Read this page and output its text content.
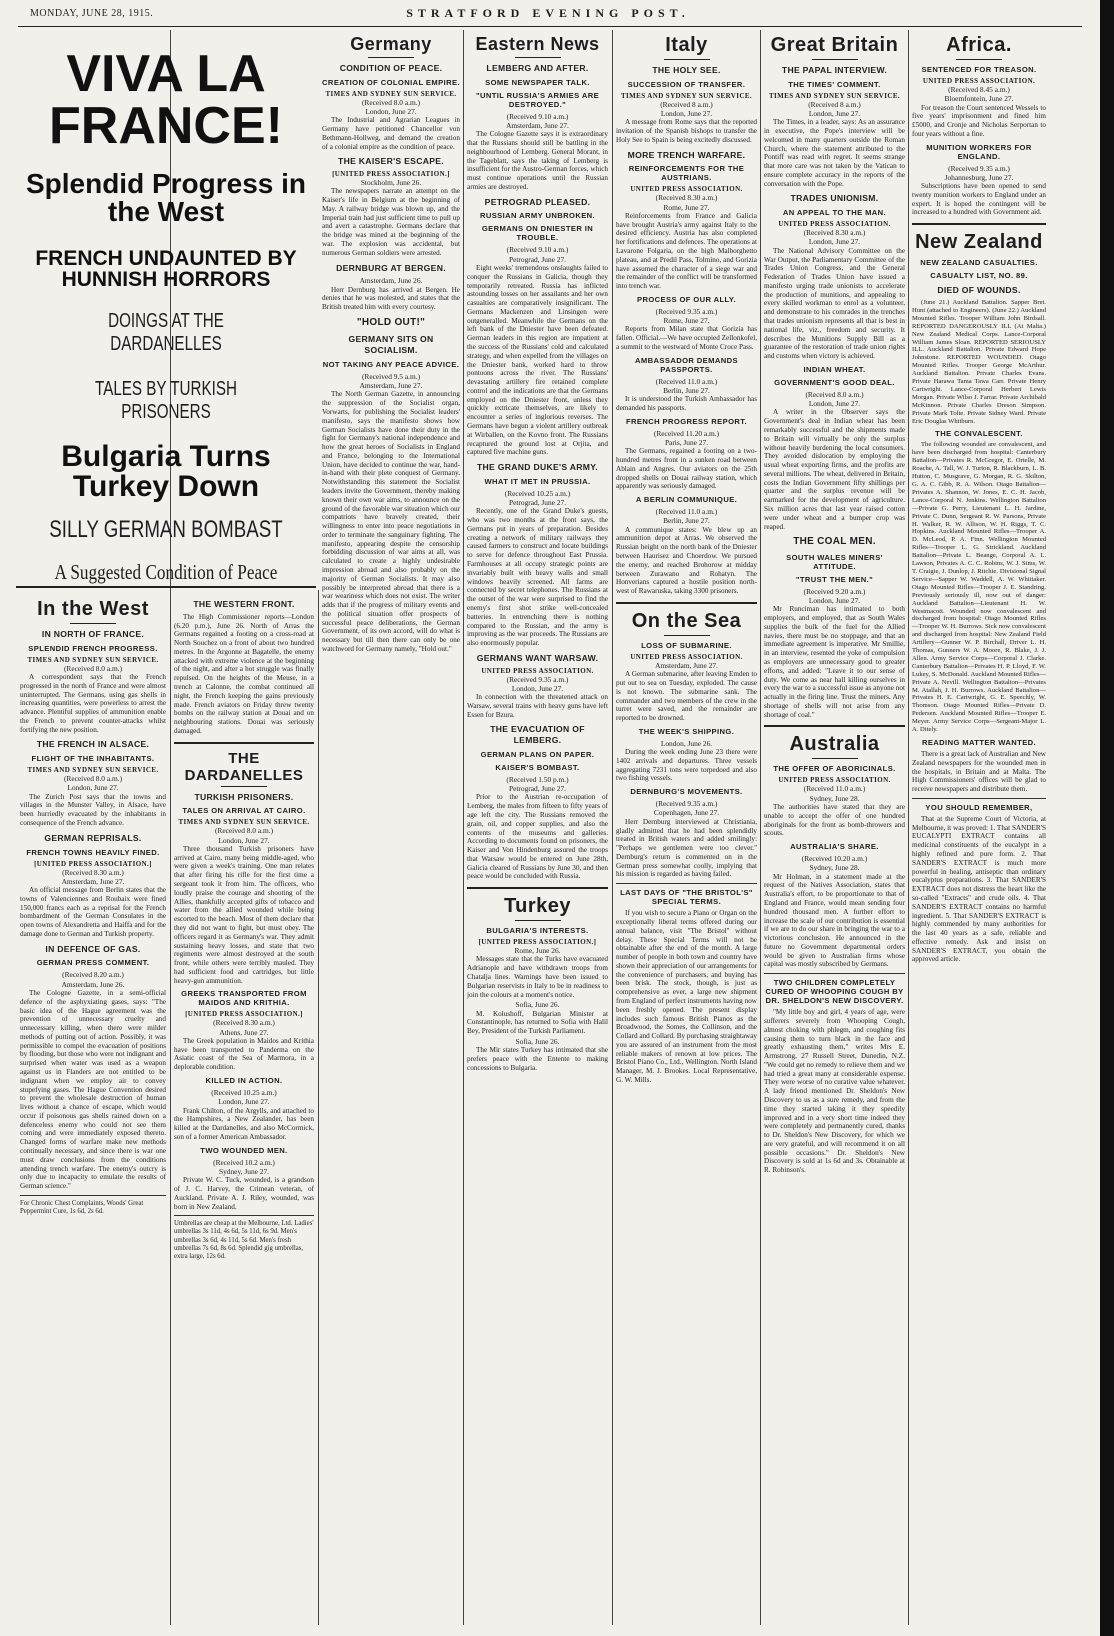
MONDAY, JUNE 28, 1915.	STRATFORD EVENING POST.
VIVA LA FRANCE!
Splendid Progress in the West
FRENCH UNDAUNTED BY HUNNISH HORRORS
DOINGS AT THE DARDANELLES
TALES BY TURKISH PRISONERS
Bulgaria Turns Turkey Down
SILLY GERMAN BOMBAST
A Suggested Condition of Peace
In the West
IN NORTH OF FRANCE.
SPLENDID FRENCH PROGRESS.
TIMES AND SYDNEY SUN SERVICE.
(Received 8.0 a.m.)

A correspondent says that the French progressed in the north of France and were almost uninterrupted. The Germans, using gas shells in increasing quantities, were powerless to arrest the advance. Plentiful supplies of ammunition enable the French to prevent counter-attacks whilst fortifying the new position.

THE FRENCH IN ALSACE.
FLIGHT OF THE INHABITANTS.
TIMES AND SYDNEY SUN SERVICE.
(Received 8.0 a.m.)
London, June 27.

The Zurich Post says that the towns and villages in the Munster Valley, in Alsace, have been hurriedly evacuated by the inhabitants in consequence of the French advance.

GERMAN REPRISALS.
FRENCH TOWNS HEAVILY FINED.
[UNITED PRESS ASSOCIATION.]
(Received 8.30 a.m.)
Amsterdam, June 27.

An official message from Berlin states that the towns of Valenciennes and Roubaix were fined 150,000 francs each as a reprisal for the French bombardment of the German Consulates in the open towns of Alexandretta and Haiffa and for the damage done to German and Turkish property.

IN DEFENCE OF GAS.
GERMAN PRESS COMMENT.
(Received 8.20 a.m.)
Amsterdam, June 26.

The Cologne Gazette, in a semi-official defence of the asphyxiating gases, says: "The basic idea of the Hague agreement was the prevention of unnecessary cruelty and unnecessary killing, when there were milder methods of putting out of action. Possibly, it was permissible to compel the evacuation of positions by flooding, but those who were not indignant and surprised when water was used as a weapon against us in Flanders are not entitled to be indignant when we employ air to convey stupefying gases. The Hague Convention desired to prevent the wholesale destruction of human lives without a chance of escape, which would occur if poisonous gas shells rained down on a defenceless enemy who could not see them coming and were immediately exposed thereto. Changed forms of warfare make new methods continually necessary, and since there is war one must draw conclusions from the conditions attending trench warfare. The enemy's outcry is only due to incapacity to emulate the results of German science."

For Chronic Chest Complaints, Woods' Great Peppermint Cure, 1s 6d, 2s 6d.
Germany
CONDITION OF PEACE.
CREATION OF COLONIAL EMPIRE.
TIMES AND SYDNEY SUN SERVICE.
(Received 8.0 a.m.)
London, June 27.

The Industrial and Agrarian Leagues in Germany have petitioned Chancellor von Bethmann-Hollweg, and demand the creation of a colonial empire as the condition of peace.

THE KAISER'S ESCAPE.
[UNITED PRESS ASSOCIATION.]
Stockholm, June 26.

The newspapers narrate an attempt on the Kaiser's life in Belgium at the beginning of May. A railway bridge was blown up, and the Imperial train had just sufficient time to pull up and avert a catastrophe. Germans declare that the bridge was mined at the beginning of the war. The explosion was accidental, but numerous German soldiers were arrested.

DERNBURG AT BERGEN.
Amsterdam, June 26.

Herr Dernburg has arrived at Bergen. He denies that he was molested, and states that the British treated him with every courtesy.

"HOLD OUT!"
GERMANY SITS ON SOCIALISM.
NOT TAKING ANY PEACE ADVICE.
(Received 9.5 a.m.)
Amsterdam, June 27.

The North German Gazette, in announcing the suppression of the Socialist organ, Vorwarts, for publishing the Socialist leaders' manifesto, says the manifesto shows how German Socialists have done their duty in the fight for Germany's national independence and how the great heroes of Socialists in England and France, belonging to the International Union, have decided to continue the war, hand-in-hand with their plete conquest of Germany. Notwithstanding this statement the Socialist leaders invite the Government, thereby making known their own war aims, to announce on the ground of the favorable war situation which our compatriots have bravely created, their willingness to enter into peace negotiations in order to terminate the sanguinary fighting. The manifesto, appearing despite the censorship forbidding discussion of war aims at all, was calculated to create a highly undesirable impression abroad and also probably on the majority of German Socialists. It may also possibly be interpreted abroad that there is a war weariness which does not exist. The writer adds that if the progress of military events and the political situation offer prospects of successful peace deliberations, the German Government, of its own accord, will do what is necessary but till then there can only be one watchword for Germany namely, "Hold out."

THE WESTERN FRONT.

The High Commissioner reports—London (6.20 p.m.), June 26. North of Arras the Germans regained a footing on a cross-road at North Souchez on a front of about two hundred metres. In the Argonne at Bagatelle, the enemy attacked with extreme violence at the beginning of the night, and after a hot struggle was finally repulsed. On the heights of the Meuse, in a trench at Calonne, the combat continued all night, the French keeping the gains previously made. French aviators on Friday threw twenty bombs on the railway station at Douai and on neighbouring stations. Douai was seriously damaged.

THE DARDANELLES
TURKISH PRISONERS.
TALES ON ARRIVAL AT CAIRO.
TIMES AND SYDNEY SUN SERVICE.
(Received 8.0 a.m.)
London, June 27.

Three thousand Turkish prisoners have arrived at Cairo, many being middle-aged, who were given a week's training. One man relates that after firing his rifle for the first time a sergeant took it from him. The officers, who loudly praise the courage and shooting of the Allies, thankfully accepted gifts of tobacco and water from the allied wounded while being escorted to the beach. Most of them declare that they did not want to fight, but must obey. The officers regard it as Germany's war. They admit sustaining heavy losses, and state that two regiments were almost destroyed at the south front, while others were terribly mauled. They had sufficient food and cartridges, but little heavy-gun ammunition.

GREEKS TRANSPORTED FROM MAIDOS AND KRITHIA.
[UNITED PRESS ASSOCIATION.]
(Received 8.30 a.m.)
Athens, June 27.

The Greek population in Maidos and Krithia have been transported to Panderma on the Asiatic coast of the Sea of Marmora, in a deplorable condition.

KILLED IN ACTION.
(Received 10.25 a.m.)
London, June 27.

Frank Chilton, of the Argylls, and attached to the Hampshires, a New Zealander, has been killed at the Dardanelles, and also McCormick, son of a former American Ambassador.

TWO WOUNDED MEN.
(Received 10.2 a.m.)
Sydney, June 27.

Private W. C. Tuck, wounded, is a grandson of J. C. Harvey, the Crimean veteran, of Auckland. Private A. J. Riley, wounded, was born in New Zealand.

Umbrellas are cheap at the Melbourne, Ltd. Ladies' umbrellas 3s 11d, 4s 6d, 5s 11d, 6s 9d. Men's umbrellas 3s 6d, 4s 11d, 5s 6d. Men's fresh umbrellas 7s 6d, 8s 6d. Splendid gig umbrellas, extra large, 12s 6d.
Eastern News
LEMBERG AND AFTER.
SOME NEWSPAPER TALK.
"UNTIL RUSSIA'S ARMIES ARE DESTROYED."
(Received 9.10 a.m.)
Amsterdam, June 27.

The Cologne Gazette says it is extraordinary that the Russians should still be battling in the neighbourhood of Lemberg. General Morant, in the Tageblatt, says the taking of Lemberg is insufficient for the Austro-German forces, which must continue operations until the Russian armies are destroyed.

PETROGRAD PLEASED.
RUSSIAN ARMY UNBROKEN.
GERMANS ON DNIESTER IN TROUBLE.
(Received 9.10 a.m.)
Petrograd, June 27.

Eight weeks' tremendous onslaughts failed to conquer the Russians in Galicia, though they temporarily retreated. Russia has inflicted astounding losses on her assailants and her own casualties are comparatively insignificant. The Germans Mackenzen and Linsingen were outgeneralled. Meanwhile the Germans on the left bank of the Dniester have been defeated. German leaders in this region are impatient at the success of the Russians' cold and calculated strategy, and when expelled from the villages on the Dniester bank, worked hard to throw pontoons across the river. The Russians' devastating artillery fire retained complete control and the indications are that the Germans employed on the Dniester front, unless they quickly extricate themselves, are likely to encounter a series of inglorious reverses. The Germans have begun a violent artillery outbreak at Wirballen, on the Kovno front. The Russians recaptured the ground lost at Orjita, and captured five machine guns.

THE GRAND DUKE'S ARMY.
WHAT IT MET IN PRUSSIA.
(Received 10.25 a.m.)
Petrograd, June 27.

Recently, one of the Grand Duke's guests, who was two months at the front says, the Germans put in years of preparation. Besides creating a network of military railways they caused farmers to construct and locate buildings to serve for defence throughout East Prussia. Farmhouses at all occupy strategic points are invariably built with heavy walls and small windows heavily screened. All farms are connected by secret telephones. The Russians at the outset of the war were surprised to find the enemy's first shot strike well-concealed batteries. In entrenching there is nothing compared to the Russian, and the army is improving as the war proceeds. The Russians are also enormously popular.

GERMANS WANT WARSAW.
UNITED PRESS ASSOCIATION.
(Received 9.35 a.m.)
London, June 27.

In connection with the threatened attack on Warsaw, several trains with heavy guns have left Essen for Bzura.

THE EVACUATION OF LEMBERG.
GERMAN PLANS ON PAPER.
KAISER'S BOMBAST.
(Received 1.50 p.m.)
Petrograd, June 27.

Prior to the Austrian re-occupation of Lemberg, the males from fifteen to fifty years of age left the city. The Russians removed the grain, oil, and copper supplies, and also the contents of the museums and galleries. According to documents found on prisoners, the Kaiser and Von Hindenburg assured the troops that Warsaw would be entered on June 28th, Galicia cleared of Russians by June 30, and then peace would be concluded with Russia.

Turkey
BULGARIA'S INTERESTS.
[UNITED PRESS ASSOCIATION.]
Rome, June 26.

Messages state that the Turks have evacuated Adrianople and have withdrawn troops from Chatalja lines. Warnings have been issued to Bulgarian reservists in Italy to be in readiness to join the colours at a moment's notice.

Sofia, June 26.

M. Kolushoff, Bulgarian Minister at Constantinople, has returned to Sofia with Halil Bey, President of the Turkish Parliament.

Sofia, June 26.

The Mir states Turkey has intimated that she prefers peace with the Entente to making concessions to Bulgaria.

Italy
THE HOLY SEE.
SUCCESSION OF TRANSFER.
TIMES AND SYDNEY SUN SERVICE.
(Received 8 a.m.)
London, June 27.

A message from Rome says that the reported invitation of the Spanish bishops to transfer the Holy See to Spain is being excitedly discussed.

MORE TRENCH WARFARE.
REINFORCEMENTS FOR THE AUSTRIANS.
UNITED PRESS ASSOCIATION.
(Received 8.30 a.m.)
Rome, June 27.

Reinforcements from France and Galicia have brought Austria's army against Italy to the desired efficiency. Austria has also completed her fortifications and defences. The operations at Lavarone Folgaria, on the high Malborghetto plateau, and at Predil Pass, Tolmino, and Gorizia have assumed the character of a siege war and the remainder of the conflict will be transformed into trench war.

PROCESS OF OUR ALLY.
(Received 9.35 a.m.)
Rome, June 27.

Reports from Milan state that Gorizia has fallen. Official.—We have occupied Zellonkofel, a summit to the westward of Monte Croce Pass.

AMBASSADOR DEMANDS PASSPORTS.
(Received 11.0 a.m.)
Berlin, June 27.

It is understood the Turkish Ambassador has demanded his passports.

FRENCH PROGRESS REPORT.
(Received 11.20 a.m.)
Paris, June 27.

The Germans, regained a footing on a two-hundred metres front in a sunken road between Ablain and Angres. Our aviators on the 25th dropped shells on Douai railway station, which apparently was seriously damaged.

A BERLIN COMMUNIQUE.
(Received 11.0 a.m.)
Berlin, June 27.

A communique states: We blew up an ammunition depot at Arras. We observed the Russian height on the north bank of the Dniester between Haurisez and Choerdow. We pursued the enemy, and reached Brohorow at midday between Zurawano and Rohatyn. The Honverians captured a hostile position north-west of Rawaruska, taking 3300 prisoners.

On the Sea
LOSS OF SUBMARINE.
UNITED PRESS ASSOCIATION.
Amsterdam, June 27.

A German submarine, after leaving Emden to put out to sea on Tuesday, exploded. The cause is not known. The submarine sank. The commander and two members of the crew in the turret were saved, and the remainder are reported to be drowned.

THE WEEK'S SHIPPING.
London, June 26.

During the week ending June 23 there were 1402 arrivals and departures. Three vessels aggregating 7231 tons were torpedoed and also two fishing vessels.

DERNBURG'S MOVEMENTS.
(Received 9.35 a.m.)
Copenhagen, June 27.

Herr Dernburg interviewed at Christiania, gladly admitted that he had been splendidly treated in British waters and added smilingly: "Perhaps we gentlemen were too clever." Dernburg's return is commented on in the German press somewhat coolly, implying that his mission is regarded as having failed.

LAST DAYS OF "THE BRISTOL'S" SPECIAL TERMS.

If you wish to secure a Piano or Organ on the exceptionally liberal terms offered during our annual balance, visit "The Bristol" without delay. These Special Terms will not be obtainable after the end of the month. A large number of people in both town and country have shown their appreciation of our arrangements for the convenience of purchasers, and buying has been brisk. The stock, though, is just as comprehensive as ever, a large new shipment from England of perfect instruments having now been freshly opened. The present display includes such famous British Pianos as the Broadwood, the Somes, the Collinson, and the Collard and Collard. By purchasing straightaway you are assured of an instrument from the most reliable makers of renown at low prices. The Bristol Piano Co., Ltd., Wellington. North Island Manager, M. J. Brookes. Local Representative, G. W. Mills.

Great Britain
THE PAPAL INTERVIEW.
THE TIMES' COMMENT.
TIMES AND SYDNEY SUN SERVICE.
(Received 8 a.m.)
London, June 27.

The Times, in a leader, says: As an assurance in executive, the Pope's interview will be welcomed in many quarters outside the Roman Church, where the statement attributed to the Pontiff was read with regret. It seems strange that more care was not taken by the Vatican to ensure complete accuracy in the reports of the conversation with the Pope.

TRADES UNIONISM.
AN APPEAL TO THE MAN.
UNITED PRESS ASSOCIATION.
(Received 8.30 a.m.)
London, June 27.

The National Advisory Committee on the War Output, the Parliamentary Committee of the Trades Union Congress, and the General Federation of Trades Union have issued a manifesto urging trade unionists to accelerate the production of munitions, and appealing to every skilled workman to enrol as a volunteer, and demonstrate to his comrades in the trenches that trades unionism represents all that is best in national life, viz., freedom and security. It describes the Munitions Supply Bill as a guarantee of the restoration of trade union rights and customs when victory is achieved.

INDIAN WHEAT.
GOVERNMENT'S GOOD DEAL.
(Received 8.0 a.m.)
London, June 27.

A writer in the Observer says the Government's deal in Indian wheat has been remarkably successful and the shipments made to Britain will virtually be only the surplus without heavily burdening the local consumers. They avoided dislocation by employing the usual wheat exporting firms, and the profits are several millions. The wheat, delivered in Britain, costs the Indian Government fifty shillings per quarter and the surplus revenue will be earmarked for the development of agriculture. Six million acres that last year raised cotton were under wheat and a bumper crop was reaped.

THE COAL MEN.
SOUTH WALES MINERS' ATTITUDE.
"TRUST THE MEN."
(Received 9.20 a.m.)
London, June 27.

Mr Runciman has intimated to both employers, and employed, that as South Wales supplies the bulk of the fuel for the Allied navies, there must be no stoppage, and that an immediate agreement is imperative. Mr Smillie, in an interview, resented the yoke of compulsion as employers are unnecessary good to greater efforts, and added: "Leave it to our sense of duty. We come as near hall killing ourselves in every the war to a successful issue as anyone not actually in the firing line. Trust the miners. Any shortage of shells will not arise from any shortage of coal."

Australia
THE OFFER OF ABORICINALS.
UNITED PRESS ASSOCIATION.
(Received 11.0 a.m.)
Sydney, June 28.

The authorities have stated that they are unable to accept the offer of one hundred aboriginals for the front as bomb-throwers and scouts.

AUSTRALIA'S SHARE.
(Received 10.20 a.m.)
Sydney, June 28.

Mr Holman, in a statement made at the request of the Natives Association, states that Australia's effort, to be proportionate to that of England and France, would mean sending four hundred thousand men. A further effort to increase the scale of our contribution is essential if we are to do our share in bringing the war to a victorious conclusion. He announced in the future no Government departmental orders would be given to Australian firms whose capital was mostly subscribed by Germans.

TWO CHILDREN COMPLETELY CURED OF WHOOPING COUGH BY DR. SHELDON'S NEW DISCOVERY.

"My little boy and girl, 4 years of age, were sufferers severely from Whooping Cough, almost choking with phlegm, and coughing fits causing them to turn black in the face and greatly exhausting them," writes Mrs E. Armstrong, 27 Russell Street, Dunedin, N.Z. "We could get no remedy to relieve them and we had tried a great many at considerable expense. They were worse of no curative value whatever. A lady friend mentioned Dr. Sheldon's New Discovery to us as a sure remedy, and from the time they started taking it they speedily improved and in a very short time indeed they were completely and permanently cured, thanks to Dr. Sheldon's New Discovery, for which we are very grateful, and will recommend it on all possible occasions." Dr. Sheldon's New Discovery is sold at 1s 6d and 3s. Obtainable at R. Robinson's.

Africa.
SENTENCED FOR TREASON.
UNITED PRESS ASSOCIATION.
(Received 8.45 a.m.)
Bloemfontein, June 27.

For treason the Court sentenced Wessels to five years' imprisonment and fined him £5000, and Cronje and Nicholas Serportan to four years without a fine.

MUNITION WORKERS FOR ENGLAND.
(Received 9.35 a.m.)
Johannesburg, June 27.

Subscriptions have been opened to send twenty munition workers to England under an expert. It is hoped the contingent will be increased to a hundred with Government aid.

New Zealand
NEW ZEALAND CASUALTIES.
CASUALTY LIST, NO. 89.
DIED OF WOUNDS.

(June 21.) Auckland Battalion. Sapper Bret. Hunt (attached to Engineers). (June 22.) Auckland Mounted Rifles. Trooper William John Birdsall. REPORTED DANGEROUSLY ILL (At Malta.) New Zealand Medical Corps. Lance-Corporal William James Sloan. REPORTED SERIOUSLY ILL. Auckland Battalion. Private Edward Hope Johnstone. REPORTED WOUNDED. Otago Mounted Rifles. Trooper George McArthur. Auckland Battalion. Private Charles Evans. Private Harawa Tama Tawa Carr. Private Henry Cartwright. Lance-Corporal Herbert Lewis Morgan. Private Wilso J. Farrar. Private Archibald McKinnon. Private Charles Dreson Simpson. Private Mark Tolte. Private Sidney Ward. Private Eric Douglas Whitburn.

THE CONVALESCENT.

The following wounded are convalescent, and have been discharged from hospital: Canterbury Battalion—Privates R. McGregor, E. Ortelle, M. Roache, A. Tall, W. J. Turton, R. Blackburn, L. B. Hutton, C. Musgrave, G. Morgan, R. G. Skilton, G. A. C. Gibb, R. A. Wilson. Otago Battalion—Privates A. Shannon, W. Jones, E. C. H. Jacob, Lance-Corporal N. Jenkins. Wellington Battalion—Private G. Perry, Lieutenant L. H. Jardine, Private C. Dunn, Sergeant R. W. Parsons, Private H. Walker, R. W. Allison, W. H. Riggs, T. C. Hopkins. Auckland Mounted Rifles—Trooper A. D. McLeod, P. A. Finn. Wellington Mounted Rifles—Trooper L. G. Strickland. Auckland Battalion—Private L. Beange, Corporal A. L. Lawson, Privates A. C. C. Robins, W. J. Sims, W. T. Craigie, J. Dunlop, J. Ritchie. Divisional Signal Service—Sapper W. Waddell, A. W. Whittaker. Otago Mounted Rifles—Trooper J. E. Standring. Previously seriously ill, now out of danger: Auckland Battalion—Lieutenant H. W. Westmacott. Wounded now convalescent and discharged from hospital: Otago Mounted Rifles—Trooper W. H. Burrows. Sick now convalescent and discharged from hospital: New Zealand Field Artillery—Gunner W. P. Birchall, Driver L. H. Thomas, Gunners W. A. Moore, R. Blake, J. J. Allen. Army Service Corps—Corporal J. Clarke. Canterbury Battalion—Privates H. P. Lloyd, F. W. Lukey, S. McDonald. Auckland Mounted Rifles—Private A. Nevill. Wellington Battalion—Privates M. Atallah, J. H. Burrows. Auckland Battalion—Privates H. E. Cartwright, G. E. Speechly, W. Thomson. Otago Mounted Rifles—Private D. Pedersen. Auckland Mounted Rifles—Trooper E. Meyer. Army Service Corps—Sergeant-Major L. A. Ditely.

READING MATTER WANTED.

There is a great lack of Australian and New Zealand newspapers for the wounded men in the hospitals, in Britain and at Malta. The High Commissioners' offices will be glad to receive newspapers and distribute them.

YOU SHOULD REMEMBER,

That at the Supreme Court of Victoria, at Melbourne, it was proved: 1. That SANDER'S EUCALYPTI EXTRACT contains all medicinal constituents of the eucalypt in a highly refined and pure form. 2. That SANDER'S EXTRACT is much more powerful in healing, antiseptic than ordinary eucalyptus preparations. 3. That SANDER'S EXTRACT does not distress the heart like the so-called "Extracts" and crude oils. 4. That SANDER'S EXTRACT contains no harmful ingredient. 5. That SANDER'S EXTRACT is highly commended by many authorities for the last 40 years as a safe, reliable and effective remedy. Ask and insist on SANDER'S EXTRACT, you obtain the approved article.
